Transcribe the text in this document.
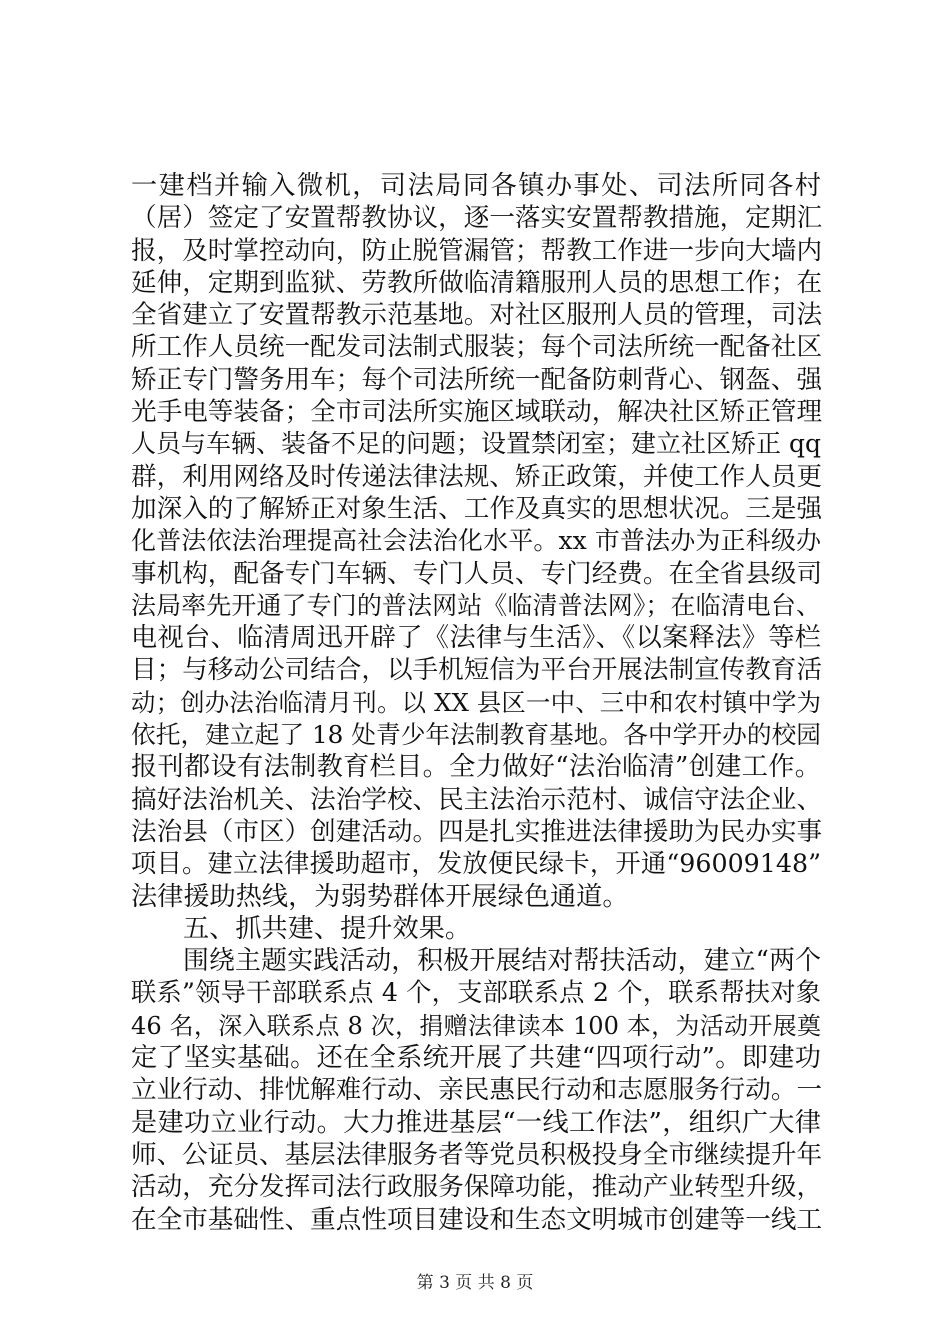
一建档并输入微机，司法局同各镇办事处、司法所同各村
（居）签定了安置帮教协议，逐一落实安置帮教措施，定期汇
报，及时掌控动向，防止脱管漏管；帮教工作进一步向大墙内
延伸，定期到监狱、劳教所做临清籍服刑人员的思想工作；在
全省建立了安置帮教示范基地。对社区服刑人员的管理，司法
所工作人员统一配发司法制式服装；每个司法所统一配备社区
矫正专门警务用车；每个司法所统一配备防刺背心、钢盔、强
光手电等装备；全市司法所实施区域联动，解决社区矫正管理
人员与车辆、装备不足的问题；设置禁闭室；建立社区矫正 qq
群，利用网络及时传递法律法规、矫正政策，并使工作人员更
加深入的了解矫正对象生活、工作及真实的思想状况。三是强
化普法依法治理提高社会法治化水平。xx 市普法办为正科级办
事机构，配备专门车辆、专门人员、专门经费。在全省县级司
法局率先开通了专门的普法网站《临清普法网》；在临清电台、
电视台、临清周迅开辟了《法律与生活》、《以案释法》等栏
目；与移动公司结合，以手机短信为平台开展法制宣传教育活
动；创办法治临清月刊。以 XX 县区一中、三中和农村镇中学为
依托，建立起了 18 处青少年法制教育基地。各中学开办的校园
报刊都设有法制教育栏目。全力做好“法治临清”创建工作。
搞好法治机关、法治学校、民主法治示范村、诚信守法企业、
法治县（市区）创建活动。四是扎实推进法律援助为民办实事
项目。建立法律援助超市，发放便民绿卡，开通“96009148”
法律援助热线，为弱势群体开展绿色通道。
五、抓共建、提升效果。
围绕主题实践活动，积极开展结对帮扶活动，建立“两个
联系”领导干部联系点 4 个，支部联系点 2 个，联系帮扶对象
46 名，深入联系点 8 次，捐赠法律读本 100 本，为活动开展奠
定了坚实基础。还在全系统开展了共建“四项行动”。即建功
立业行动、排忧解难行动、亲民惠民行动和志愿服务行动。一
是建功立业行动。大力推进基层“一线工作法”，组织广大律
师、公证员、基层法律服务者等党员积极投身全市继续提升年
活动，充分发挥司法行政服务保障功能，推动产业转型升级，
在全市基础性、重点性项目建设和生态文明城市创建等一线工
第 3 页 共 8 页
